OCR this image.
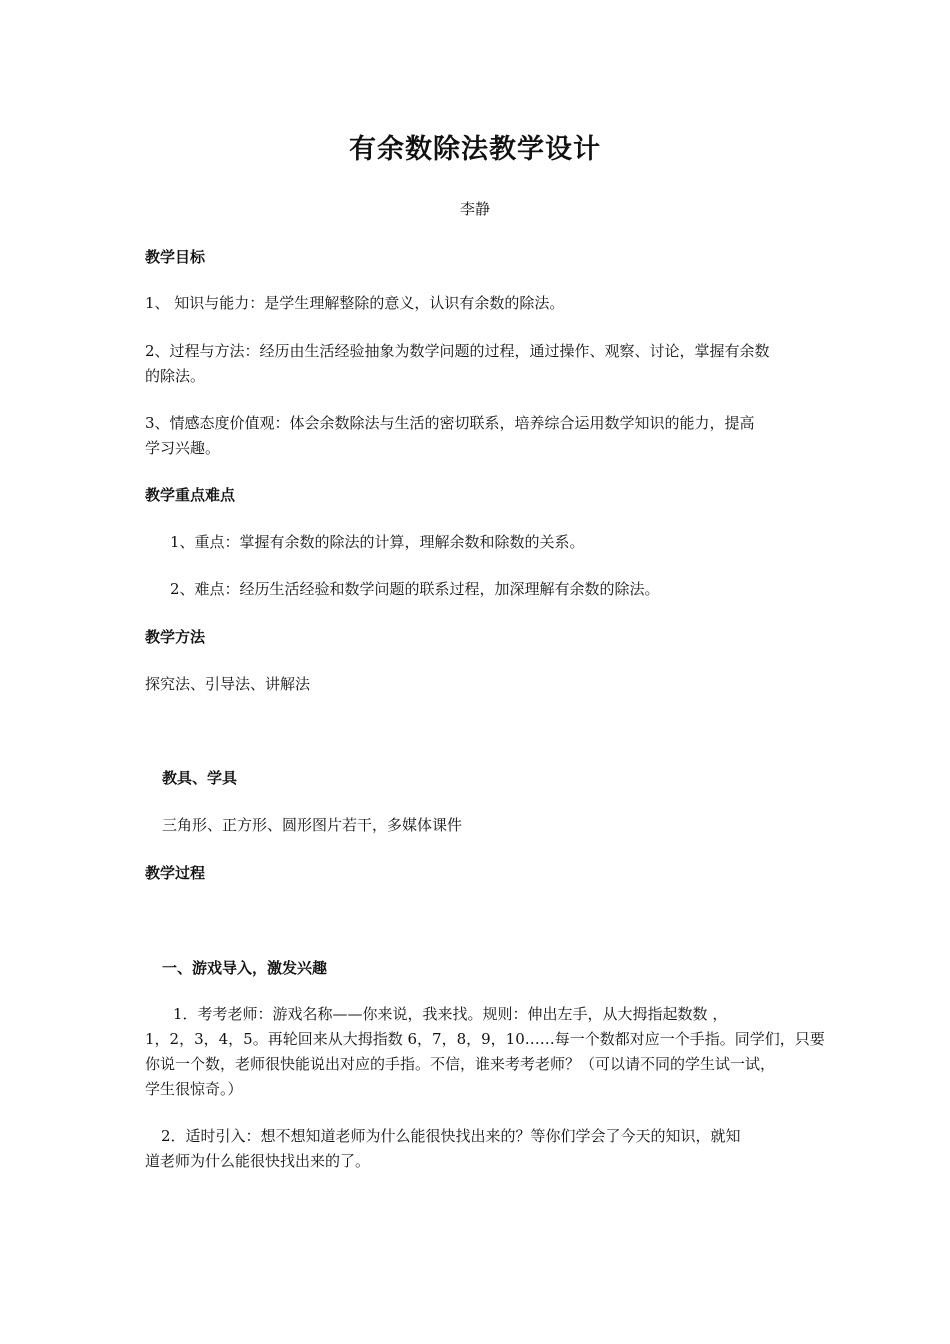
有余数除法教学设计
李静
教学目标
1、 知识与能力：是学生理解整除的意义，认识有余数的除法。
2、过程与方法：经历由生活经验抽象为数学问题的过程，通过操作、观察、讨论，掌握有余数
的除法。
3、情感态度价值观：体会余数除法与生活的密切联系，培养综合运用数学知识的能力，提高
学习兴趣。
教学重点难点
1、重点：掌握有余数的除法的计算，理解余数和除数的关系。
2、难点：经历生活经验和数学问题的联系过程，加深理解有余数的除法。
教学方法
探究法、引导法、讲解法
教具、学具
三角形、正方形、圆形图片若干，多媒体课件
教学过程
一、游戏导入，激发兴趣
1．考考老师：游戏名称——你来说，我来找。规则：伸出左手，从大拇指起数数 ，
1，2，3，4，5。再轮回来从大拇指数 6，7，8，9，10……每一个数都对应一个手指。同学们，只要
你说一个数，老师很快能说出对应的手指。不信，谁来考考老师？（可以请不同的学生试一试，
学生很惊奇。）
2．适时引入：想不想知道老师为什么能很快找出来的？等你们学会了今天的知识，就知
道老师为什么能很快找出来的了。
